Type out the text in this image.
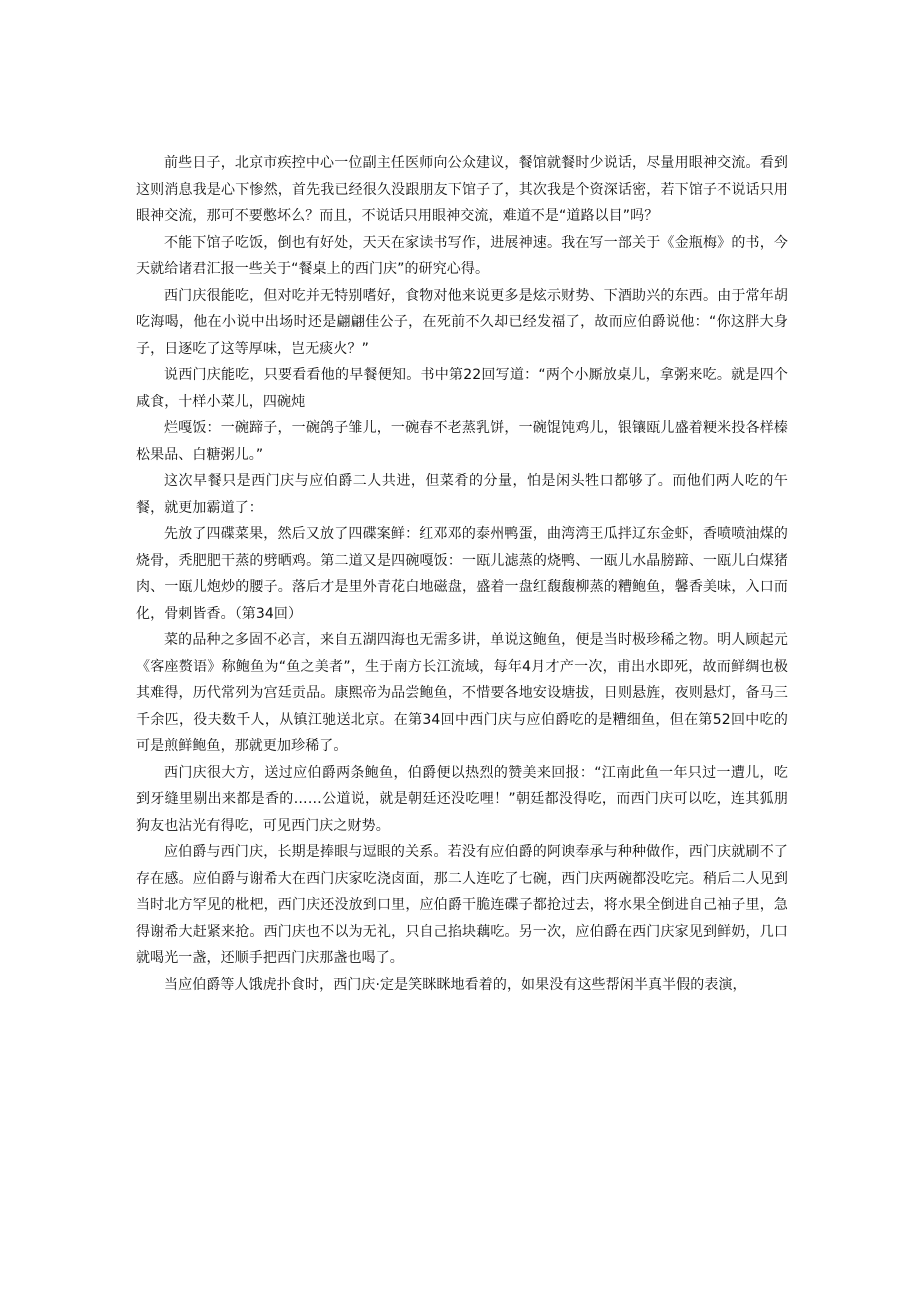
前些日子，北京市疾控中心一位副主任医师向公众建议，餐馆就餐时少说话，尽量用眼神交流。看到这则消息我是心下惨然，首先我已经很久没跟朋友下馆子了，其次我是个资深话密，若下馆子不说话只用眼神交流，那可不要憋坏么？而且，不说话只用眼神交流，难道不是“道路以目”吗？

不能下馆子吃饭，倒也有好处，天天在家读书写作，进展神速。我在写一部关于《金瓶梅》的书，今天就给诸君汇报一些关于“餐桌上的西门庆”的研究心得。

西门庆很能吃，但对吃并无特别嗜好，食物对他来说更多是炫示财势、下酒助兴的东西。由于常年胡吃海喝，他在小说中出场时还是翩翩佳公子，在死前不久却已经发福了，故而应伯爵说他：“你这胖大身子，日逐吃了这等厚味，岂无痰火？”

说西门庆能吃，只要看看他的早餐便知。书中第22回写道：“两个小厮放桌儿，拿粥来吃。就是四个咸食，十样小菜儿，四碗炖

烂嘎饭：一碗蹄子，一碗鸽子雏儿，一碗春不老蒸乳饼，一碗馄饨鸡儿，银镶瓯儿盛着粳米投各样榛松果品、白糖粥儿。”

这次早餐只是西门庆与应伯爵二人共进，但菜肴的分量，怕是闲头牲口都够了。而他们两人吃的午餐，就更加霸道了：

先放了四碟菜果，然后又放了四碟案鲜：红邓邓的泰州鸭蛋，曲湾湾王瓜拌辽东金虾，香喷喷油煤的烧骨，秃肥肥干蒸的劈晒鸡。第二道又是四碗嘎饭：一瓯儿滤蒸的烧鸭、一瓯儿水晶膀蹄、一瓯儿白煤猪肉、一瓯儿炮炒的腰子。落后才是里外青花白地磁盘，盛着一盘红馥馥柳蒸的糟鲍鱼，馨香美味，入口而化，骨刺皆香。（第34回）

菜的品种之多固不必言，来自五湖四海也无需多讲，单说这鲍鱼，便是当时极珍稀之物。明人顾起元《客座赘语》称鲍鱼为“鱼之美者”，生于南方长江流域，每年4月才产一次，甫出水即死，故而鲜绸也极其难得，历代常列为宫廷贡品。康熙帝为品尝鲍鱼，不惜要各地安设塘拔，日则悬旌，夜则悬灯，备马三千余匹，役夫数千人，从镇江驰送北京。在第34回中西门庆与应伯爵吃的是糟细鱼，但在第52回中吃的可是煎鲜鲍鱼，那就更加珍稀了。

西门庆很大方，送过应伯爵两条鲍鱼，伯爵便以热烈的赞美来回报：“江南此鱼一年只过一遭儿，吃到牙缝里剔出来都是香的……公道说，就是朝廷还没吃哩！”朝廷都没得吃，而西门庆可以吃，连其狐朋狗友也沾光有得吃，可见西门庆之财势。

应伯爵与西门庆，长期是捧眼与逗眼的关系。若没有应伯爵的阿谀奉承与种种做作，西门庆就刷不了存在感。应伯爵与谢希大在西门庆家吃浇卤面，那二人连吃了七碗，西门庆两碗都没吃完。稍后二人见到当时北方罕见的枇杷，西门庆还没放到口里，应伯爵干脆连碟子都抢过去，将水果全倒进自己袖子里，急得谢希大赶紧来抢。西门庆也不以为无礼，只自己掐块藕吃。另一次，应伯爵在西门庆家见到鲜奶，几口就喝光一盏，还顺手把西门庆那盏也喝了。

当应伯爵等人饿虎扑食时，西门庆·定是笑眯眯地看着的，如果没有这些帮闲半真半假的表演，
